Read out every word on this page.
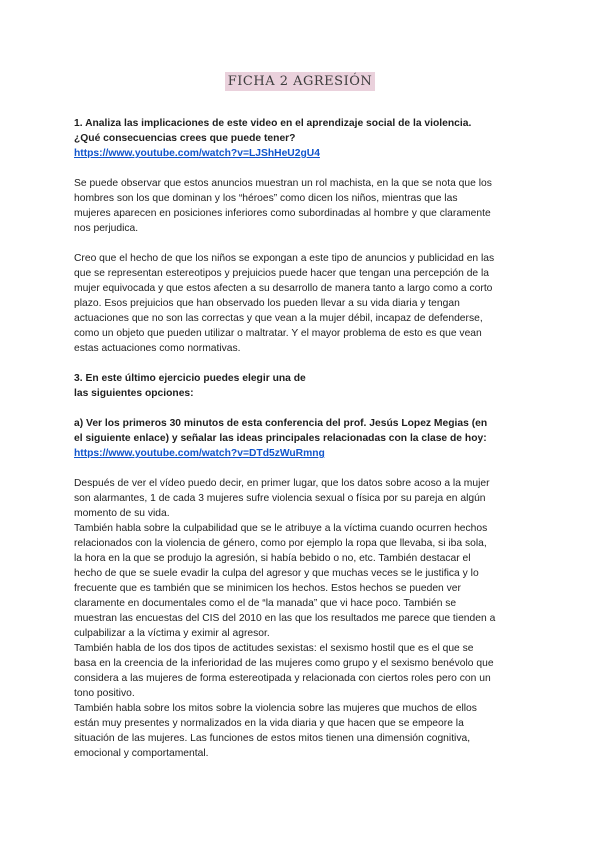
FICHA 2 AGRESIÓN

1. Analiza las implicaciones de este video en el aprendizaje social de la violencia.

¿Qué consecuencias crees que puede tener?

https://www.youtube.com/watch?v=LJShHeU2gU4

Se puede observar que estos anuncios muestran un rol machista, en la que se nota que los

hombres son los que dominan y los “héroes” como dicen los niños, mientras que las

mujeres aparecen en posiciones inferiores como subordinadas al hombre y que claramente

nos perjudica.

Creo que el hecho de que los niños se expongan a este tipo de anuncios y publicidad en las

que se representan estereotipos y prejuicios puede hacer que tengan una percepción de la

mujer equivocada y que estos afecten a su desarrollo de manera tanto a largo como a corto

plazo. Esos prejuicios que han observado los pueden llevar a su vida diaria y tengan

actuaciones que no son las correctas y que vean a la mujer débil, incapaz de defenderse,

como un objeto que pueden utilizar o maltratar. Y el mayor problema de esto es que vean

estas actuaciones como normativas.

3. En este último ejercicio puedes elegir una de

las siguientes opciones:

a) Ver los primeros 30 minutos de esta conferencia del prof. Jesús Lopez Megias (en

el siguiente enlace) y señalar las ideas principales relacionadas con la clase de hoy:

https://www.youtube.com/watch?v=DTd5zWuRmng

Después de ver el vídeo puedo decir, en primer lugar, que los datos sobre acoso a la mujer

son alarmantes, 1 de cada 3 mujeres sufre violencia sexual o física por su pareja en algún

momento de su vida.

También habla sobre la culpabilidad que se le atribuye a la víctima cuando ocurren hechos

relacionados con la violencia de género, como por ejemplo la ropa que llevaba, si iba sola,

la hora en la que se produjo la agresión, si había bebido o no, etc. También destacar el

hecho de que se suele evadir la culpa del agresor y que muchas veces se le justifica y lo

frecuente que es también que se minimicen los hechos. Estos hechos se pueden ver

claramente en documentales como el de “la manada” que vi hace poco. También se

muestran las encuestas del CIS del 2010 en las que los resultados me parece que tienden a

culpabilizar a la víctima y eximir al agresor.

También habla de los dos tipos de actitudes sexistas: el sexismo hostil que es el que se

basa en la creencia de la inferioridad de las mujeres como grupo y el sexismo benévolo que

considera a las mujeres de forma estereotipada y relacionada con ciertos roles pero con un

tono positivo.

También habla sobre los mitos sobre la violencia sobre las mujeres que muchos de ellos

están muy presentes y normalizados en la vida diaria y que hacen que se empeore la

situación de las mujeres. Las funciones de estos mitos tienen una dimensión cognitiva,

emocional y comportamental.
